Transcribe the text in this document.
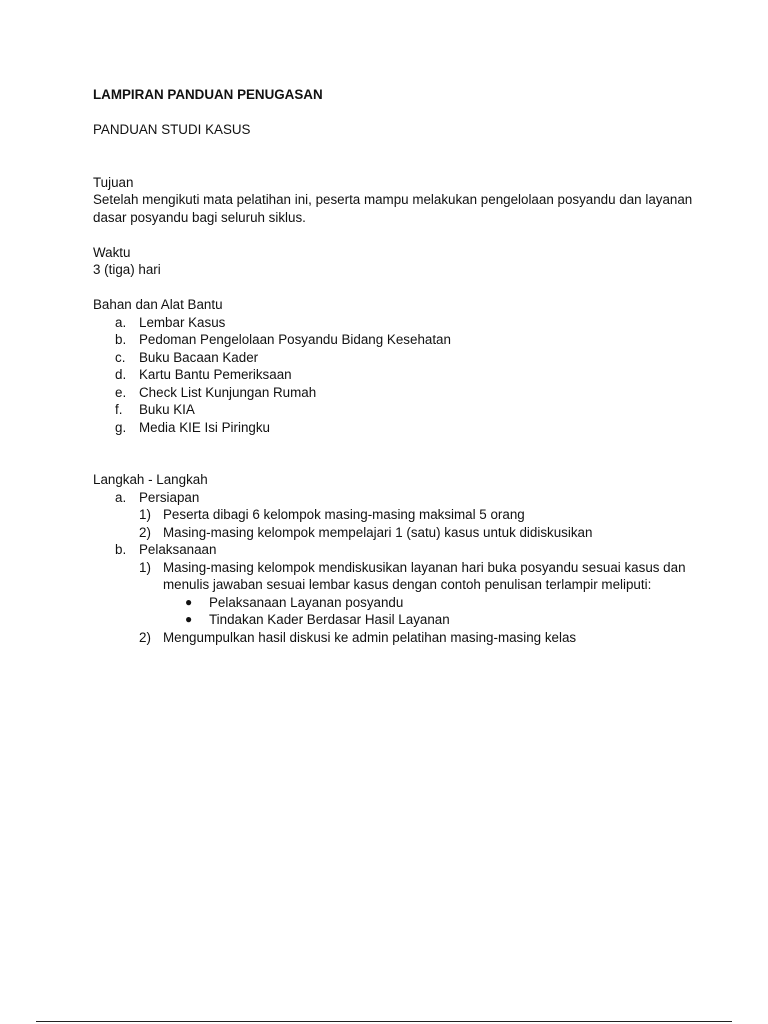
LAMPIRAN PANDUAN PENUGASAN

PANDUAN STUDI KASUS

Tujuan

Setelah mengikuti mata pelatihan ini, peserta mampu melakukan pengelolaan posyandu dan layanan dasar posyandu bagi seluruh siklus.

Waktu

3 (tiga) hari

Bahan dan Alat Bantu

a. Lembar Kasus
b. Pedoman Pengelolaan Posyandu Bidang Kesehatan
c.	Buku Bacaan Kader
d. Kartu Bantu Pemeriksaan
e. Check List Kunjungan Rumah
f.	Buku KIA
g. Media KIE Isi Piringku

Langkah - Langkah

a. Persiapan
1) Peserta dibagi 6 kelompok masing-masing maksimal 5 orang
2) Masing-masing kelompok mempelajari 1 (satu) kasus untuk didiskusikan
b. Pelaksanaan
1) Masing-masing kelompok mendiskusikan layanan hari buka posyandu sesuai kasus dan menulis jawaban sesuai lembar kasus dengan contoh penulisan terlampir meliputi:
● Pelaksanaan Layanan posyandu
● Tindakan Kader Berdasar Hasil Layanan
2) Mengumpulkan hasil diskusi ke admin pelatihan masing-masing kelas
